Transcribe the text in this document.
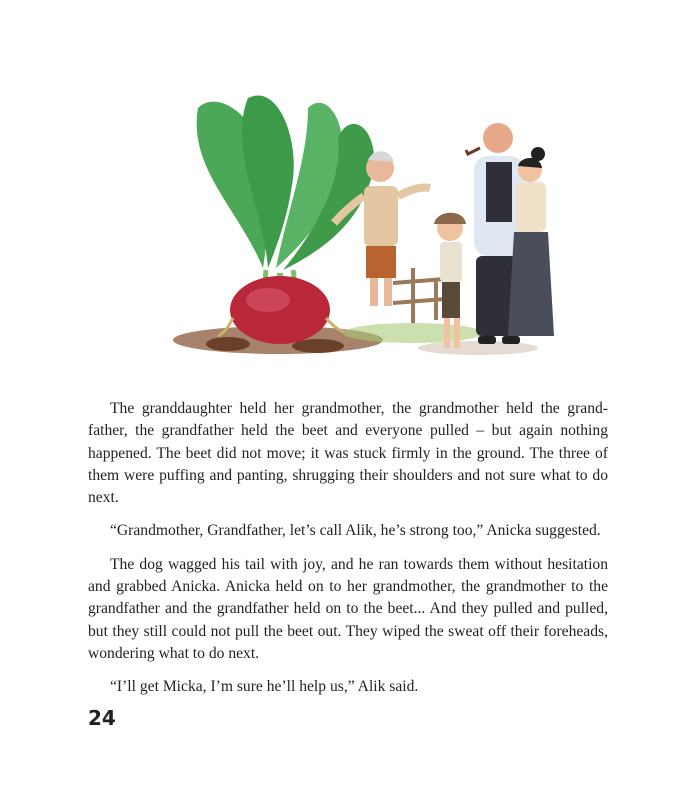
The granddaughter held her grandmother, the grandmother held the grand-father, the grandfather held the beet and everyone pulled – but again nothing happened. The beet did not move; it was stuck firmly in the ground. The three of them were puffing and panting, shrugging their shoulders and not sure what to do next.

“Grandmother, Grandfather, let’s call Alik, he’s strong too,” Anicka suggested.

The dog wagged his tail with joy, and he ran towards them without hesitation and grabbed Anicka. Anicka held on to her grandmother, the grandmother to the grandfather and the grandfather held on to the beet... And they pulled and pulled, but they still could not pull the beet out. They wiped the sweat off their foreheads, wondering what to do next.

“I’ll get Micka, I’m sure he’ll help us,” Alik said.

24
